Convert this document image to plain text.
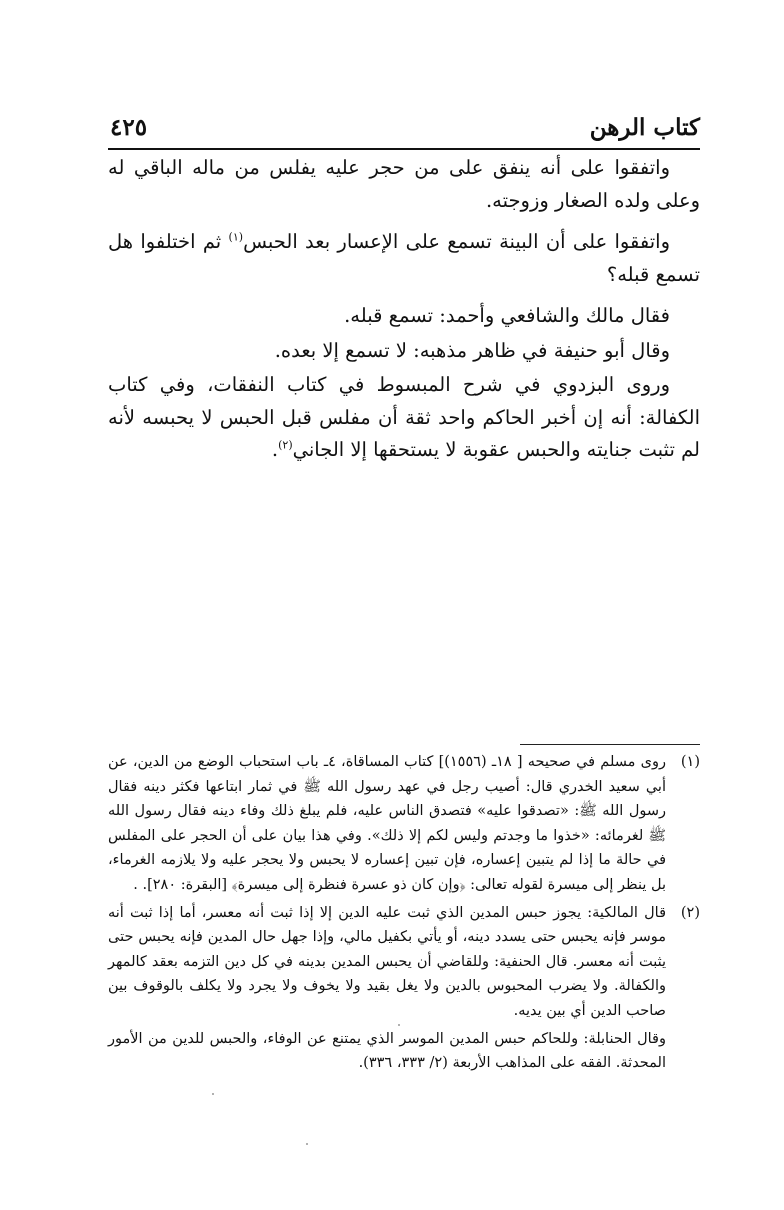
كتاب الرهن
٤٢٥

واتفقوا على أنه ينفق على من حجر عليه يفلس من ماله الباقي له وعلى ولده الصغار وزوجته.

واتفقوا على أن البينة تسمع على الإعسار بعد الحبس$^{(١)}$ ثم اختلفوا هل تسمع قبله؟

فقال مالك والشافعي وأحمد: تسمع قبله.

وقال أبو حنيفة في ظاهر مذهبه: لا تسمع إلا بعده.

وروى البزدوي في شرح المبسوط في كتاب النفقات، وفي كتاب الكفالة: أنه إن أخبر الحاكم واحد ثقة أن مفلس قبل الحبس لا يحبسه لأنه لم تثبت جنايته والحبس عقوبة لا يستحقها إلا الجاني$^{(٢)}$.

(١)

روى مسلم في صحيحه [ ١٨ـ (١٥٥٦)] كتاب المساقاة، ٤ـ باب استحباب الوضع من الدين، عن أبي سعيد الخدري قال: أصيب رجل في عهد رسول الله ﷺ في ثمار ابتاعها فكثر دينه فقال رسول الله ﷺ: «تصدقوا عليه» فتصدق الناس عليه، فلم يبلغ ذلك وفاء دينه فقال رسول الله ﷺ لغرمائه: «خذوا ما وجدتم وليس لكم إلا ذلك». وفي هذا بيان على أن الحجر على المفلس في حالة ما إذا لم يتبين إعساره، فإن تبين إعساره لا يحبس ولا يحجر عليه ولا يلازمه الغرماء، بل ينظر إلى ميسرة لقوله تعالى: ﴿وإن كان ذو عسرة فنظرة إلى ميسرة﴾ [البقرة: ٢٨٠]. .

(٢)

قال المالكية: يجوز حبس المدين الذي ثبت عليه الدين إلا إذا ثبت أنه معسر، أما إذا ثبت أنه موسر فإنه يحبس حتى يسدد دينه، أو يأتي بكفيل مالي، وإذا جهل حال المدين فإنه يحبس حتى يثبت أنه معسر. قال الحنفية: وللقاضي أن يحبس المدين بدينه في كل دين التزمه بعقد كالمهر والكفالة. ولا يضرب المحبوس بالدين ولا يغل بقيد ولا يخوف ولا يجرد ولا يكلف بالوقوف بين صاحب الدين أي بين يديه.

وقال الحنابلة: وللحاكم حبس المدين الموسر الذي يمتنع عن الوفاء، والحبس للدين من الأمور المحدثة. الفقه على المذاهب الأربعة (٢/ ٣٣٣، ٣٣٦).
